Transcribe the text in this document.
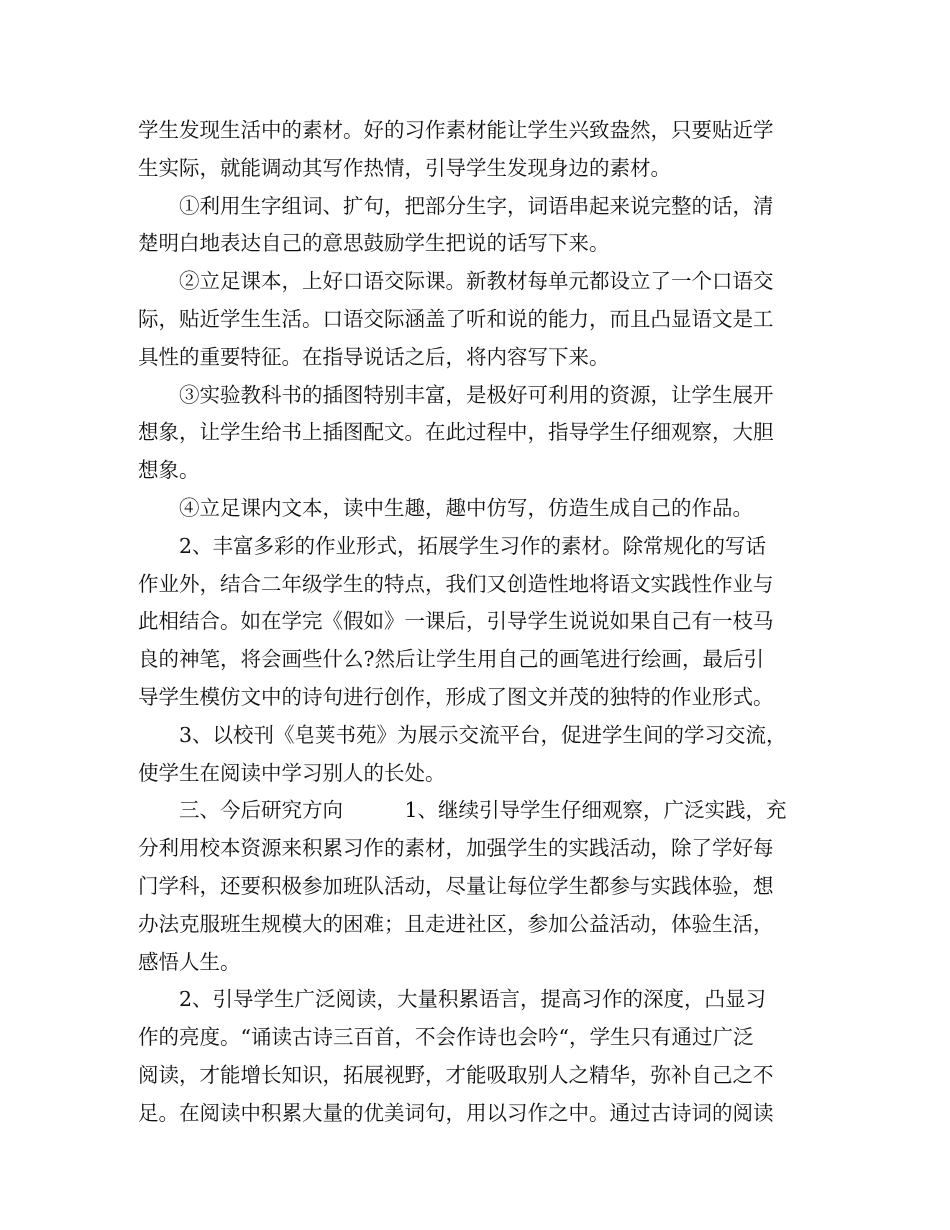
学生发现生活中的素材。好的习作素材能让学生兴致盎然，只要贴近学
生实际，就能调动其写作热情，引导学生发现身边的素材。
①利用生字组词、扩句，把部分生字，词语串起来说完整的话，清
楚明白地表达自己的意思鼓励学生把说的话写下来。
②立足课本，上好口语交际课。新教材每单元都设立了一个口语交
际，贴近学生生活。口语交际涵盖了听和说的能力，而且凸显语文是工
具性的重要特征。在指导说话之后，将内容写下来。
③实验教科书的插图特别丰富，是极好可利用的资源，让学生展开
想象，让学生给书上插图配文。在此过程中，指导学生仔细观察，大胆
想象。
④立足课内文本，读中生趣，趣中仿写，仿造生成自己的作品。
2、丰富多彩的作业形式，拓展学生习作的素材。除常规化的写话
作业外，结合二年级学生的特点，我们又创造性地将语文实践性作业与
此相结合。如在学完《假如》一课后，引导学生说说如果自己有一枝马
良的神笔，将会画些什么?然后让学生用自己的画笔进行绘画，最后引
导学生模仿文中的诗句进行创作，形成了图文并茂的独特的作业形式。
3、以校刊《皂荚书苑》为展示交流平台，促进学生间的学习交流，
使学生在阅读中学习别人的长处。
三、今后研究方向　　　1、继续引导学生仔细观察，广泛实践，充
分利用校本资源来积累习作的素材，加强学生的实践活动，除了学好每
门学科，还要积极参加班队活动，尽量让每位学生都参与实践体验，想
办法克服班生规模大的困难；且走进社区，参加公益活动，体验生活，
感悟人生。
2、引导学生广泛阅读，大量积累语言，提高习作的深度，凸显习
作的亮度。“诵读古诗三百首，不会作诗也会吟“，学生只有通过广泛
阅读，才能增长知识，拓展视野，才能吸取别人之精华，弥补自己之不
足。在阅读中积累大量的优美词句，用以习作之中。通过古诗词的阅读
